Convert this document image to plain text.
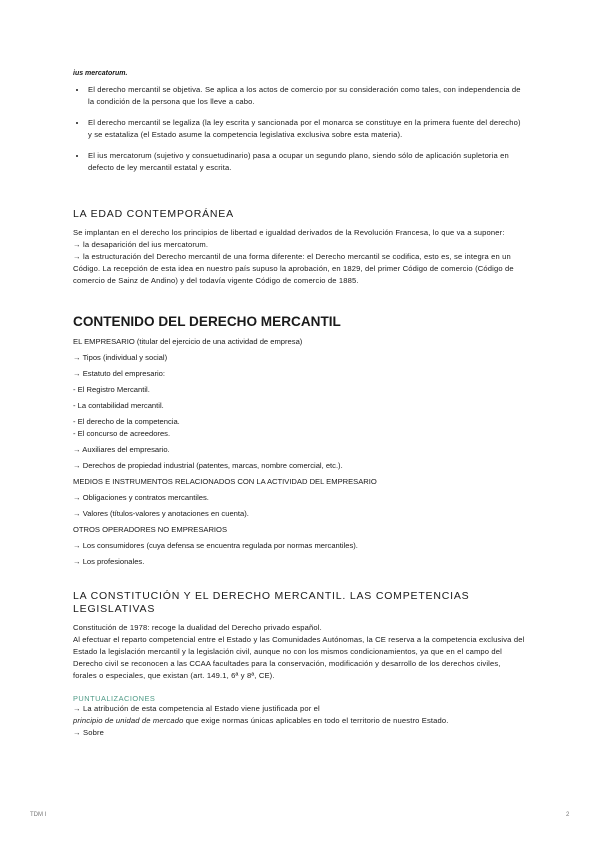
ius mercatorum.

• El derecho mercantil se objetiva. Se aplica a los actos de comercio por su consideración como tales, con independencia de la condición de la persona que los lleve a cabo.
• El derecho mercantil se legaliza (la ley escrita y sancionada por el monarca se constituye en la primera fuente del derecho) y se estataliza (el Estado asume la competencia legislativa exclusiva sobre esta materia).
• El ius mercatorum (sujetivo y consuetudinario) pasa a ocupar un segundo plano, siendo sólo de aplicación supletoria en defecto de ley mercantil estatal y escrita.
LA EDAD CONTEMPORÁNEA

Se implantan en el derecho los principios de libertad e igualdad derivados de la Revolución Francesa, lo que va a suponer:

→ la desaparición del ius mercatorum.

→ la estructuración del Derecho mercantil de una forma diferente: el Derecho mercantil se codifica, esto es, se integra en un Código. La recepción de esta idea en nuestro país supuso la aprobación, en 1829, del primer Código de comercio (Código de comercio de Sainz de Andino) y del todavía vigente Código de comercio de 1885.

CONTENIDO DEL DERECHO MERCANTIL

EL EMPRESARIO (titular del ejercicio de una actividad de empresa)

→ Tipos (individual y social)

→ Estatuto del empresario:

- El Registro Mercantil.

- La contabilidad mercantil.

- El derecho de la competencia.

- El concurso de acreedores.

→ Auxiliares del empresario.

→ Derechos de propiedad industrial (patentes, marcas, nombre comercial, etc.).

MEDIOS E INSTRUMENTOS RELACIONADOS CON LA ACTIVIDAD DEL EMPRESARIO

→ Obligaciones y contratos mercantiles.

→ Valores (títulos-valores y anotaciones en cuenta).

OTROS OPERADORES NO EMPRESARIOS

→ Los consumidores (cuya defensa se encuentra regulada por normas mercantiles).

→ Los profesionales.

LA CONSTITUCIÓN Y EL DERECHO MERCANTIL. LAS COMPETENCIAS LEGISLATIVAS

Constitución de 1978: recoge la dualidad del Derecho privado español.

Al efectuar el reparto competencial entre el Estado y las Comunidades Autónomas, la CE reserva a la competencia exclusiva del Estado la legislación mercantil y la legislación civil, aunque no con los mismos condicionamientos, ya que en el campo del Derecho civil se reconocen a las CCAA facultades para la conservación, modificación y desarrollo de los derechos civiles, forales o especiales, que existan (art. 149.1, 6ª y 8ª, CE).

PUNTUALIZACIONES

→ La atribución de esta competencia al Estado viene justificada por el

principio de unidad de mercado que exige normas únicas aplicables en todo el territorio de nuestro Estado.

→ Sobre

TDM I	2
